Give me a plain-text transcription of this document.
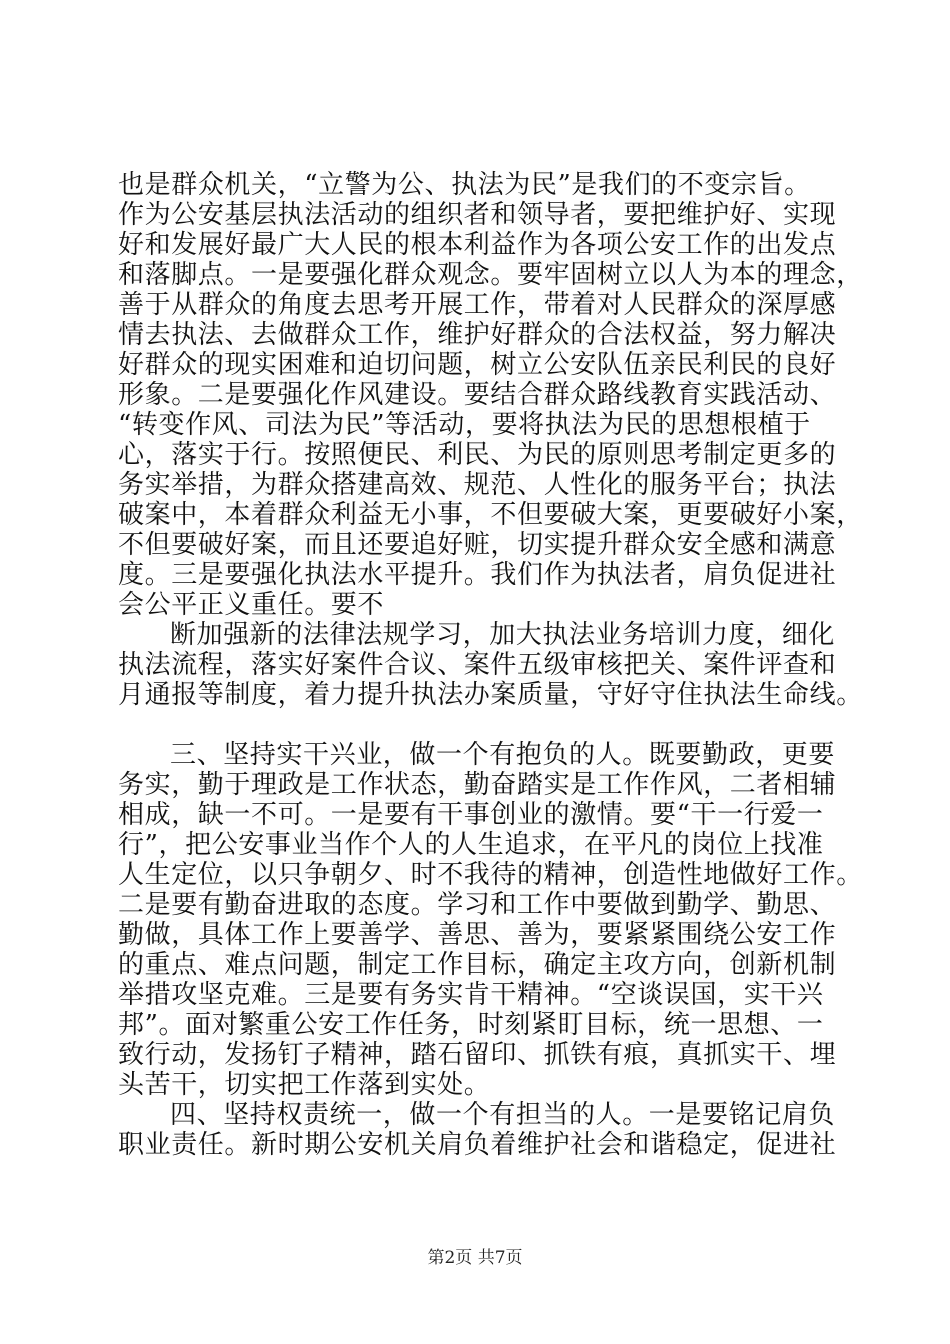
也是群众机关，“立警为公、执法为民”是我们的不变宗旨。
作为公安基层执法活动的组织者和领导者，要把维护好、实现
好和发展好最广大人民的根本利益作为各项公安工作的出发点
和落脚点。一是要强化群众观念。要牢固树立以人为本的理念，
善于从群众的角度去思考开展工作，带着对人民群众的深厚感
情去执法、去做群众工作，维护好群众的合法权益，努力解决
好群众的现实困难和迫切问题，树立公安队伍亲民利民的良好
形象。二是要强化作风建设。要结合群众路线教育实践活动、
“转变作风、司法为民”等活动，要将执法为民的思想根植于
心，落实于行。按照便民、利民、为民的原则思考制定更多的
务实举措，为群众搭建高效、规范、人性化的服务平台；执法
破案中，本着群众利益无小事，不但要破大案，更要破好小案，
不但要破好案，而且还要追好赃，切实提升群众安全感和满意
度。三是要强化执法水平提升。我们作为执法者，肩负促进社
会公平正义重任。要不
断加强新的法律法规学习，加大执法业务培训力度，细化
执法流程，落实好案件合议、案件五级审核把关、案件评查和
月通报等制度，着力提升执法办案质量，守好守住执法生命线。
三、坚持实干兴业，做一个有抱负的人。既要勤政，更要
务实，勤于理政是工作状态，勤奋踏实是工作作风，二者相辅
相成，缺一不可。一是要有干事创业的激情。要“干一行爱一
行”，把公安事业当作个人的人生追求，在平凡的岗位上找准
人生定位，以只争朝夕、时不我待的精神，创造性地做好工作。
二是要有勤奋进取的态度。学习和工作中要做到勤学、勤思、
勤做，具体工作上要善学、善思、善为，要紧紧围绕公安工作
的重点、难点问题，制定工作目标，确定主攻方向，创新机制
举措攻坚克难。三是要有务实肯干精神。“空谈误国，实干兴
邦”。面对繁重公安工作任务，时刻紧盯目标，统一思想、一
致行动，发扬钉子精神，踏石留印、抓铁有痕，真抓实干、埋
头苦干，切实把工作落到实处。
四、坚持权责统一，做一个有担当的人。一是要铭记肩负
职业责任。新时期公安机关肩负着维护社会和谐稳定，促进社
第2页 共7页
